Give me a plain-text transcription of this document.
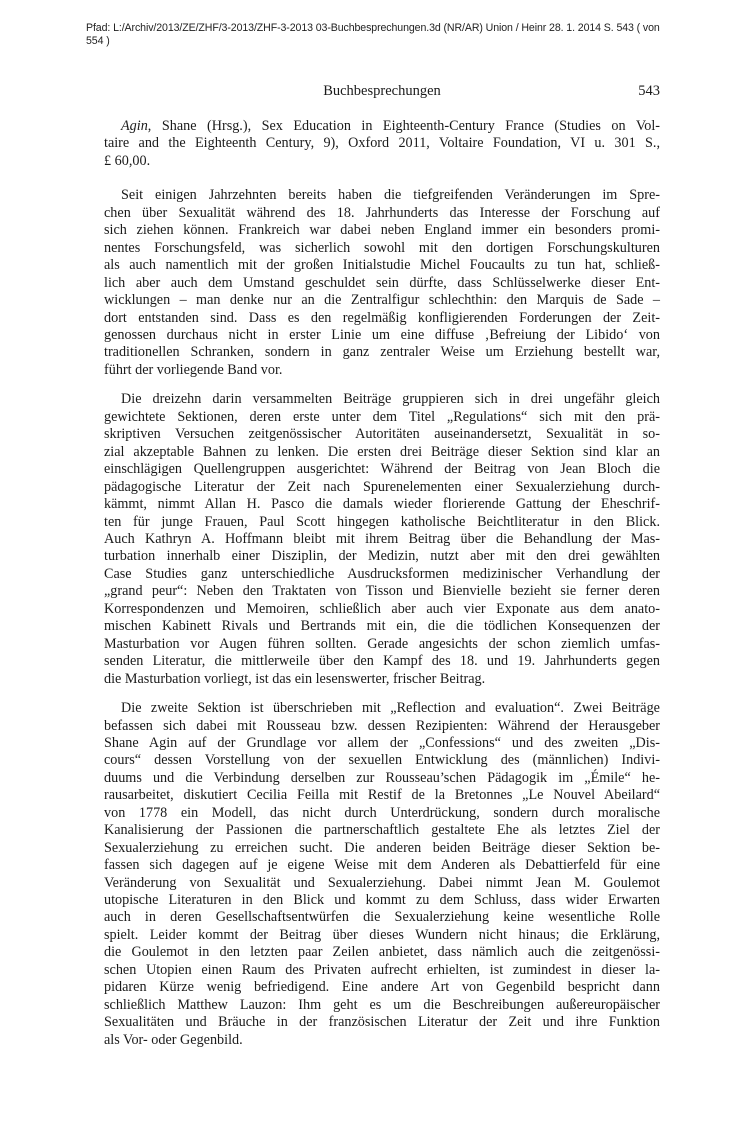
Pfad: L:/Archiv/2013/ZE/ZHF/3-2013/ZHF-3-2013 03-Buchbesprechungen.3d (NR/AR) Union / Heinr 28. 1. 2014 S. 543 ( von
554 )
Buchbesprechungen	543

Agin, Shane (Hrsg.), Sex Education in Eighteenth-Century France (Studies on Vol-
taire and the Eighteenth Century, 9), Oxford 2011, Voltaire Foundation, VI u. 301 S.,
£ 60,00.

Seit einigen Jahrzehnten bereits haben die tiefgreifenden Veränderungen im Spre-
chen über Sexualität während des 18. Jahrhunderts das Interesse der Forschung auf
sich ziehen können. Frankreich war dabei neben England immer ein besonders promi-
nentes Forschungsfeld, was sicherlich sowohl mit den dortigen Forschungskulturen
als auch namentlich mit der großen Initialstudie Michel Foucaults zu tun hat, schließ-
lich aber auch dem Umstand geschuldet sein dürfte, dass Schlüsselwerke dieser Ent-
wicklungen – man denke nur an die Zentralfigur schlechthin: den Marquis de Sade –
dort entstanden sind. Dass es den regelmäßig konfligierenden Forderungen der Zeit-
genossen durchaus nicht in erster Linie um eine diffuse ‚Befreiung der Libido‘ von
traditionellen Schranken, sondern in ganz zentraler Weise um Erziehung bestellt war,
führt der vorliegende Band vor.

Die dreizehn darin versammelten Beiträge gruppieren sich in drei ungefähr gleich
gewichtete Sektionen, deren erste unter dem Titel „Regulations“ sich mit den prä-
skriptiven Versuchen zeitgenössischer Autoritäten auseinandersetzt, Sexualität in so-
zial akzeptable Bahnen zu lenken. Die ersten drei Beiträge dieser Sektion sind klar an
einschlägigen Quellengruppen ausgerichtet: Während der Beitrag von Jean Bloch die
pädagogische Literatur der Zeit nach Spurenelementen einer Sexualerziehung durch-
kämmt, nimmt Allan H. Pasco die damals wieder florierende Gattung der Eheschrif-
ten für junge Frauen, Paul Scott hingegen katholische Beichtliteratur in den Blick.
Auch Kathryn A. Hoffmann bleibt mit ihrem Beitrag über die Behandlung der Mas-
turbation innerhalb einer Disziplin, der Medizin, nutzt aber mit den drei gewählten
Case Studies ganz unterschiedliche Ausdrucksformen medizinischer Verhandlung der
„grand peur“: Neben den Traktaten von Tisson und Bienvielle bezieht sie ferner deren
Korrespondenzen und Memoiren, schließlich aber auch vier Exponate aus dem anato-
mischen Kabinett Rivals und Bertrands mit ein, die die tödlichen Konsequenzen der
Masturbation vor Augen führen sollten. Gerade angesichts der schon ziemlich umfas-
senden Literatur, die mittlerweile über den Kampf des 18. und 19. Jahrhunderts gegen
die Masturbation vorliegt, ist das ein lesenswerter, frischer Beitrag.

Die zweite Sektion ist überschrieben mit „Reflection and evaluation“. Zwei Beiträge
befassen sich dabei mit Rousseau bzw. dessen Rezipienten: Während der Herausgeber
Shane Agin auf der Grundlage vor allem der „Confessions“ und des zweiten „Dis-
cours“ dessen Vorstellung von der sexuellen Entwicklung des (männlichen) Indivi-
duums und die Verbindung derselben zur Rousseau’schen Pädagogik im „Émile“ he-
rausarbeitet, diskutiert Cecilia Feilla mit Restif de la Bretonnes „Le Nouvel Abeilard“
von 1778 ein Modell, das nicht durch Unterdrückung, sondern durch moralische
Kanalisierung der Passionen die partnerschaftlich gestaltete Ehe als letztes Ziel der
Sexualerziehung zu erreichen sucht. Die anderen beiden Beiträge dieser Sektion be-
fassen sich dagegen auf je eigene Weise mit dem Anderen als Debattierfeld für eine
Veränderung von Sexualität und Sexualerziehung. Dabei nimmt Jean M. Goulemot
utopische Literaturen in den Blick und kommt zu dem Schluss, dass wider Erwarten
auch in deren Gesellschaftsentwürfen die Sexualerziehung keine wesentliche Rolle
spielt. Leider kommt der Beitrag über dieses Wundern nicht hinaus; die Erklärung,
die Goulemot in den letzten paar Zeilen anbietet, dass nämlich auch die zeitgenössi-
schen Utopien einen Raum des Privaten aufrecht erhielten, ist zumindest in dieser la-
pidaren Kürze wenig befriedigend. Eine andere Art von Gegenbild bespricht dann
schließlich Matthew Lauzon: Ihm geht es um die Beschreibungen außereuropäischer
Sexualitäten und Bräuche in der französischen Literatur der Zeit und ihre Funktion
als Vor- oder Gegenbild.
